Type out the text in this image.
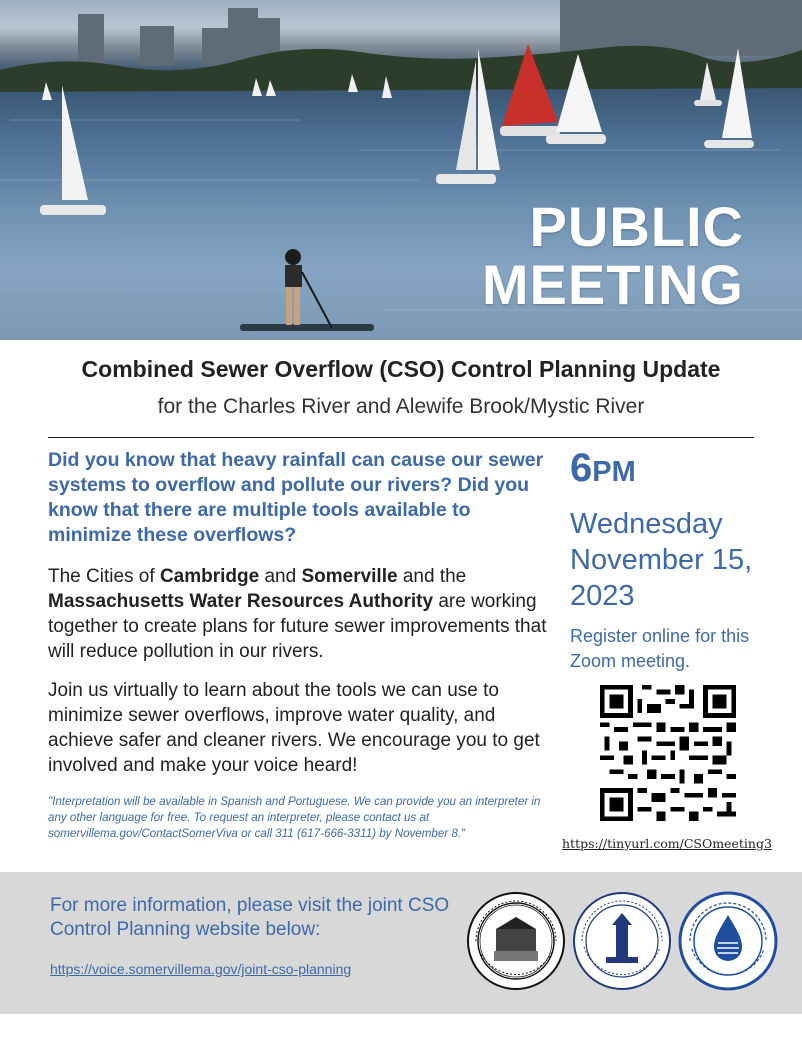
PUBLIC
MEETING
Combined Sewer Overflow (CSO) Control Planning Update
for the Charles River and Alewife Brook/Mystic River
Did you know that heavy rainfall can cause our sewer systems to overflow and pollute our rivers? Did you know that there are multiple tools available to minimize these overflows?
The Cities of Cambridge and Somerville and the Massachusetts Water Resources Authority are working together to create plans for future sewer improvements that will reduce pollution in our rivers.
Join us virtually to learn about the tools we can use to minimize sewer overflows, improve water quality, and achieve safer and cleaner rivers. We encourage you to get involved and make your voice heard!
"Interpretation will be available in Spanish and Portuguese. We can provide you an interpreter in any other language for free. To request an interpreter, please contact us at somervillema.gov/ContactSomerViva or call 311 (617-666-3311) by November 8."
6PM
Wednesday
November 15,
2023
Register online for this Zoom meeting.
https://tinyurl.com/CSOmeeting3
For more information, please visit the joint CSO Control Planning website below:
https://voice.somervillema.gov/joint-cso-planning
